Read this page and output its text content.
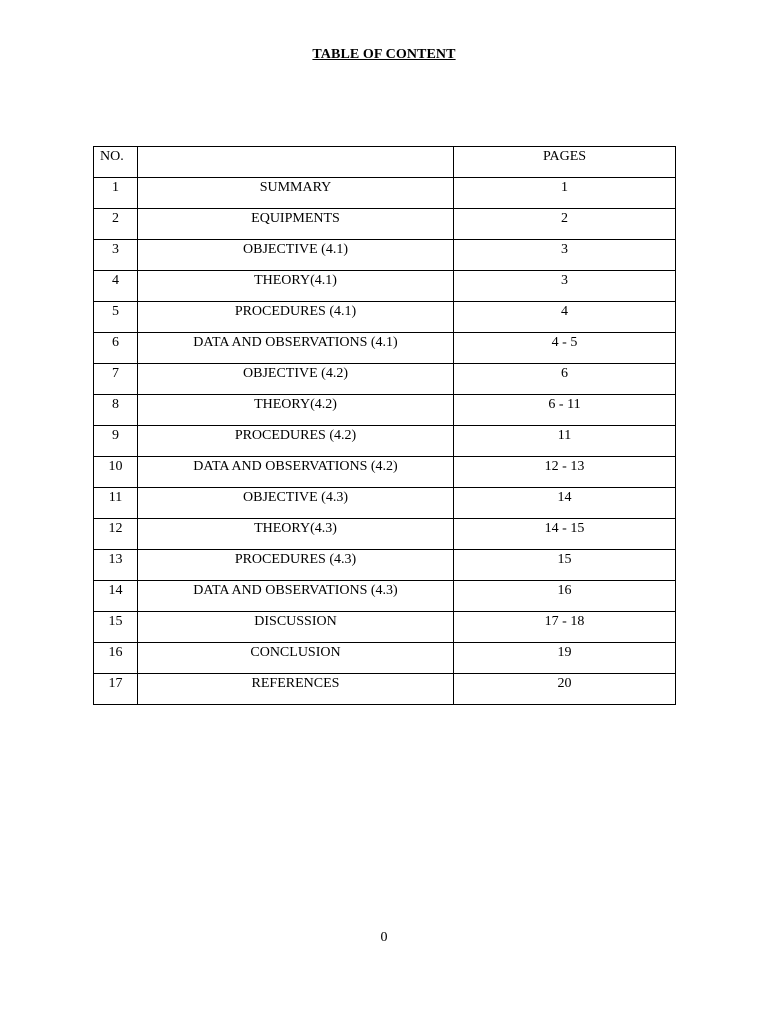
TABLE OF CONTENT
NO.		PAGES
1	SUMMARY	1
2	EQUIPMENTS	2
3	OBJECTIVE (4.1)	3
4	THEORY(4.1)	3
5	PROCEDURES (4.1)	4
6	DATA AND OBSERVATIONS (4.1)	4 - 5
7	OBJECTIVE (4.2)	6
8	THEORY(4.2)	6 - 11
9	PROCEDURES (4.2)	11
10	DATA AND OBSERVATIONS (4.2)	12 - 13
11	OBJECTIVE (4.3)	14
12	THEORY(4.3)	14 - 15
13	PROCEDURES (4.3)	15
14	DATA AND OBSERVATIONS (4.3)	16
15	DISCUSSION	17 - 18
16	CONCLUSION	19
17	REFERENCES	20
0
